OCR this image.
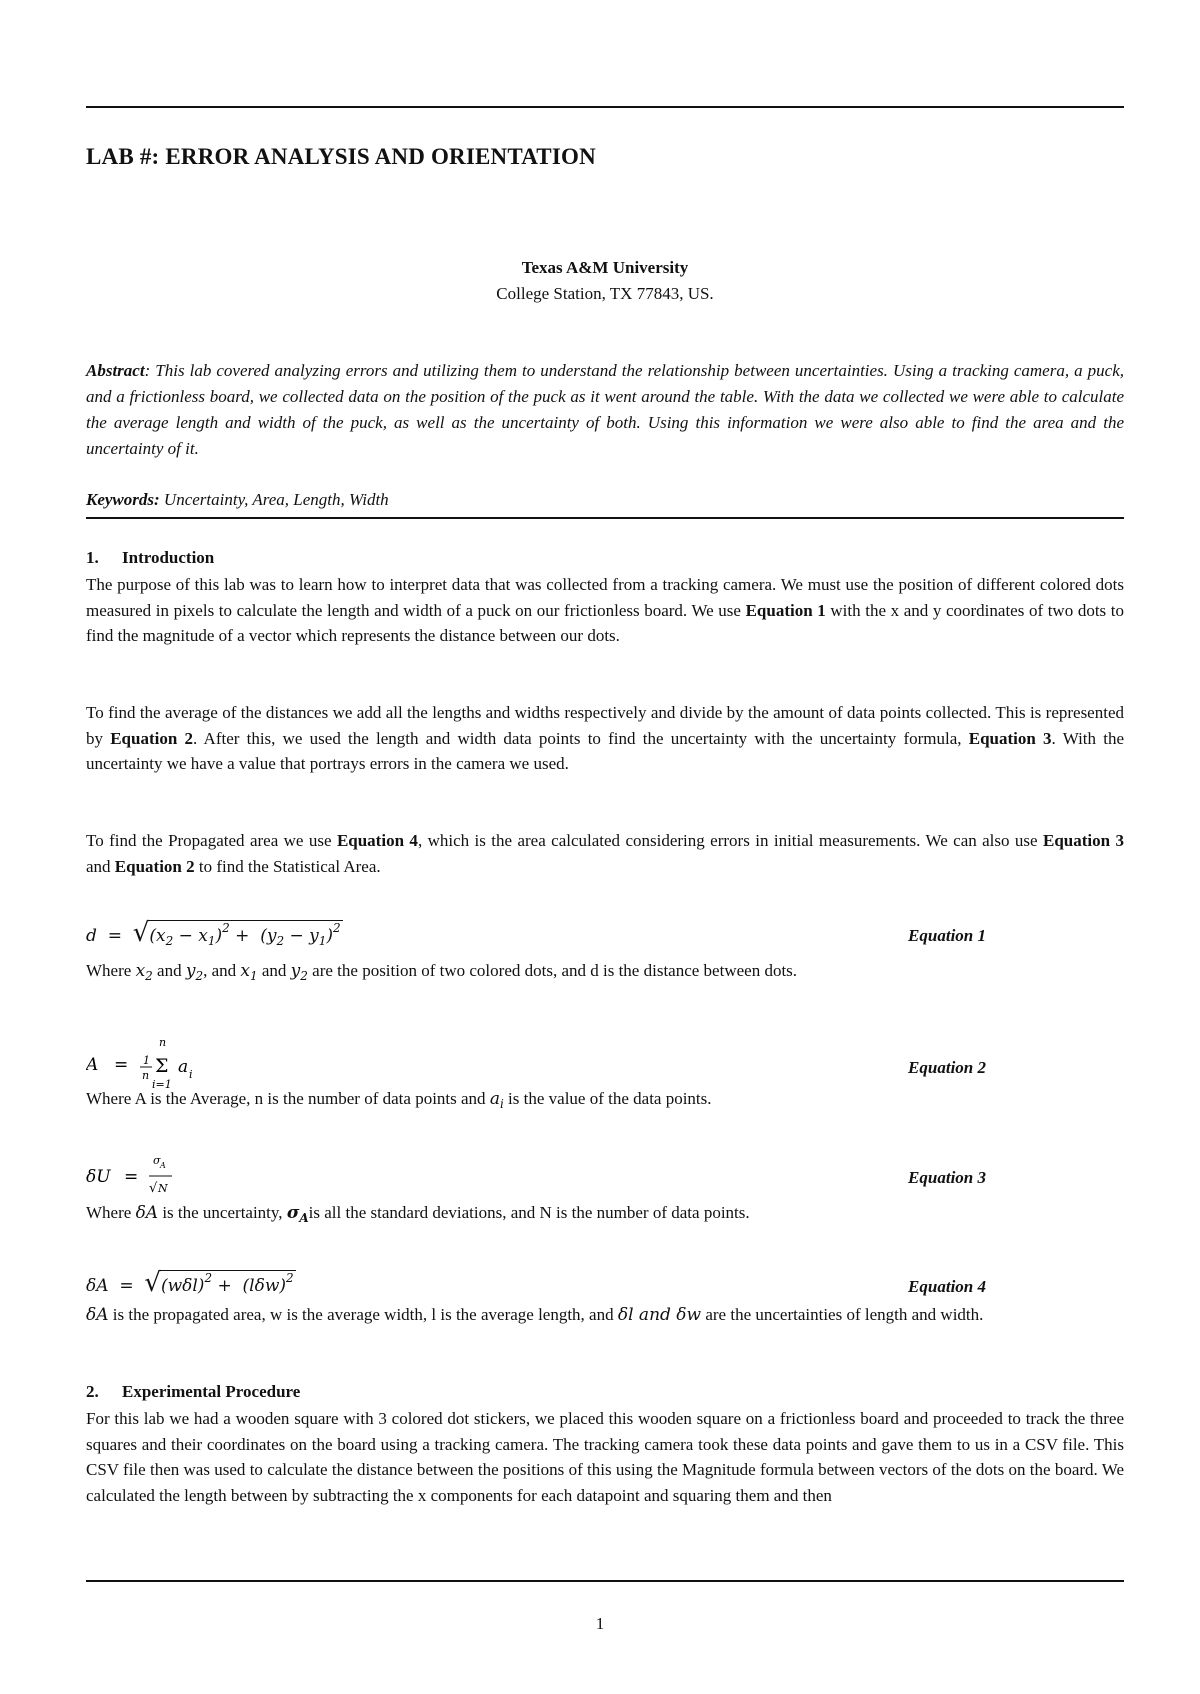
LAB #: ERROR ANALYSIS AND ORIENTATION
Texas A&M University
College Station, TX 77843, US.
Abstract: This lab covered analyzing errors and utilizing them to understand the relationship between uncertainties. Using a tracking camera, a puck, and a frictionless board, we collected data on the position of the puck as it went around the table. With the data we collected we were able to calculate the average length and width of the puck, as well as the uncertainty of both. Using this information we were also able to find the area and the uncertainty of it.
Keywords: Uncertainty, Area, Length, Width
1. Introduction
The purpose of this lab was to learn how to interpret data that was collected from a tracking camera. We must use the position of different colored dots measured in pixels to calculate the length and width of a puck on our frictionless board. We use Equation 1 with the x and y coordinates of two dots to find the magnitude of a vector which represents the distance between our dots.
To find the average of the distances we add all the lengths and widths respectively and divide by the amount of data points collected. This is represented by Equation 2. After this, we used the length and width data points to find the uncertainty with the uncertainty formula, Equation 3. With the uncertainty we have a value that portrays errors in the camera we used.
To find the Propagated area we use Equation 4, which is the area calculated considering errors in initial measurements. We can also use Equation 3 and Equation 2 to find the Statistical Area.
$d = √(x_2 - x_1)^2 + (y_2 - y_1)^2$	Equation 1
Where $x_2$ and $y_2$, and $x_1$ and $y_2$ are the position of two colored dots, and d is the distance between dots.
A = 1
n Σ
n
i=1
a i	Equation 2
Where A is the Average, n is the number of data points and $a_i$ is the value of the data points.
δU =
σ A
√ N
Equation 3
Where δA is the uncertainty, $\sigma_Ais$ all the standard deviations, and N is the number of data points.
$\delta A = √(w\delta l)^2 + (l\delta w)^2$	Equation 4
δA is the propagated area, w is the average width, l is the average length, and δl and δw are the uncertainties of length and width.
2. Experimental Procedure
For this lab we had a wooden square with 3 colored dot stickers, we placed this wooden square on a frictionless board and proceeded to track the three squares and their coordinates on the board using a tracking camera. The tracking camera took these data points and gave them to us in a CSV file. This CSV file then was used to calculate the distance between the positions of this using the Magnitude formula between vectors of the dots on the board. We calculated the length between by subtracting the x components for each datapoint and squaring them and then
1
